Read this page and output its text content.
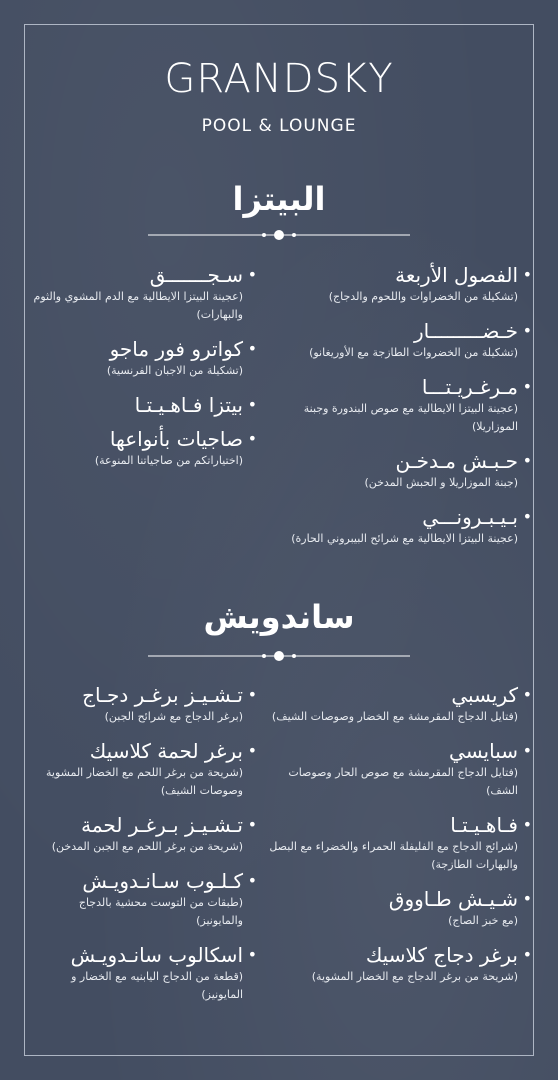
GRANDSKY
POOL & LOUNGE
البيتزا
• الفصول الأربعة
(تشكيلة من الخضراوات واللحوم والدجاج)
• خـضـــــــــار
(تشكيلة من الخضروات الطازجة مع الأوريغانو)
• مـرغـريـتـــا
(عجينة البيتزا الايطالية مع صوص البندورة وجبنة الموزاريلا)
• حـبـش مـدخـن
(جبنة الموزاريلا و الحبش المدخن)
• بـيـبـرونـــي
(عجينة البيتزا الايطالية مع شرائح البيبروني الحارة)
• سـجـــــــق
(عجينة البيتزا الايطالية مع الدم المشوي والثوم والبهارات)
• كواترو فور ماجو
(تشكيلة من الاجبان الفرنسية)
• بيتزا فـاهـيـتـا
• صاجيات بأنواعها
(اختياراتكم من صاجياتنا المنوعة)
ساندويش
• كريسبي
(فتايل الدجاج المقرمشة مع الخضار وصوصات الشيف)
• سبايسي
(فتايل الدجاج المقرمشة مع صوص الحار وصوصات الشف)
• فـاهـيـتـا
(شرائح الدجاج مع الفليفلة الحمراء والخضراء مع البصل والبهارات الطازجة)
• شـيـش طـاووق
(مع خبز الصاج)
• برغر دجاج كلاسيك
(شريحة من برغر الدجاج مع الخضار المشوية)
• تـشـيـز برغـر دجـاج
(برغر الدجاج مع شرائح الجبن)
• برغر لحمة كلاسيك
(شريحة من برغر اللحم مع الخضار المشوية وصوصات الشيف)
• تـشـيـز بـرغـر لحمة
(شريحة من برغر اللحم مع الجبن المدخن)
• كـلـوب سـانـدويـش
(طبقات من التوست محشية بالدجاج والمايونيز)
• اسكالوب سانـدويـش
(قطعة من الدجاج اليابنيه مع الخضار و المايونيز)
